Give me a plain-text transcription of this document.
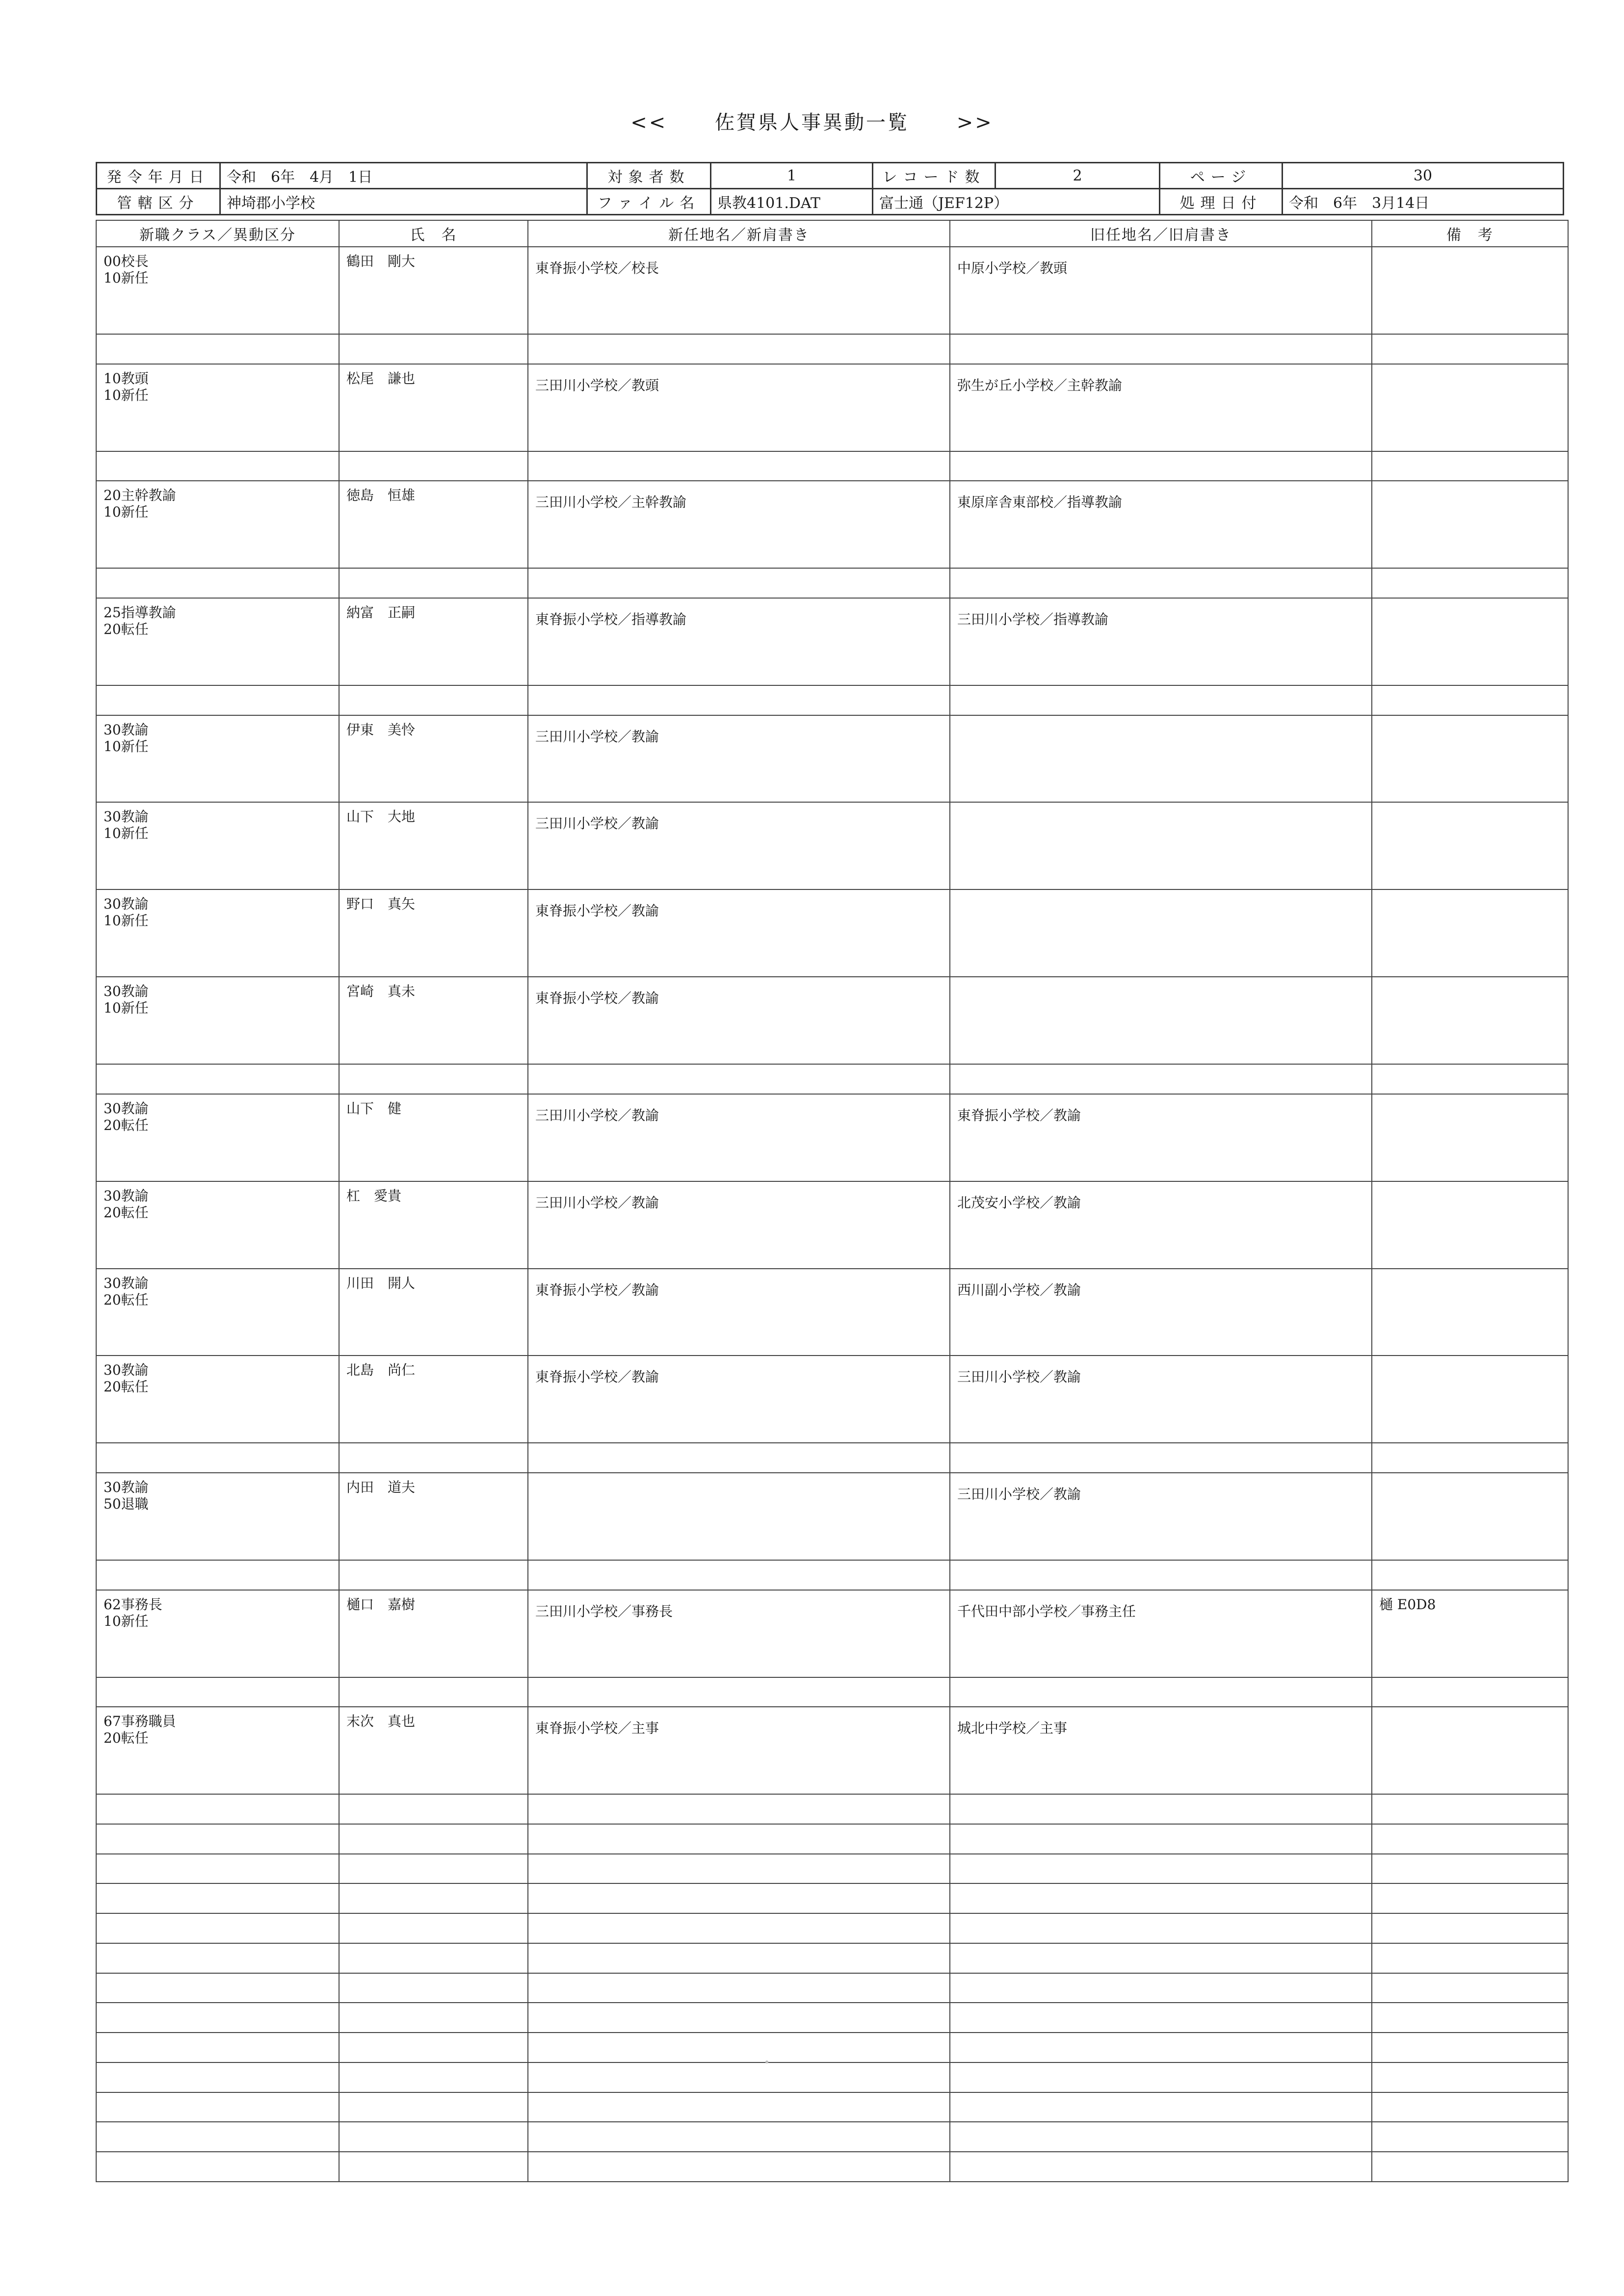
<< 佐賀県人事異動一覧 >>
発令年月日	令和　6年　4月　1日	対象者数	1	レコード数	2	ページ	30
管轄区分	神埼郡小学校	ファイル名	県教4101.DAT	富士通（JEF12P）		処理日付	令和　6年　3月14日
新職クラス／異動区分	氏　名	新任地名／新肩書き	旧任地名／旧肩書き	備　考

00校長
10新任	鶴田　剛大	東脊振小学校／校長	中原小学校／教頭	

10教頭
10新任	松尾　謙也	三田川小学校／教頭	弥生が丘小学校／主幹教諭	

20主幹教諭
10新任	徳島　恒雄	三田川小学校／主幹教諭	東原庠舎東部校／指導教諭	

25指導教諭
20転任	納富　正嗣	東脊振小学校／指導教諭	三田川小学校／指導教諭	

30教諭
10新任	伊東　美怜	三田川小学校／教諭		

30教諭
10新任	山下　大地	三田川小学校／教諭		

30教諭
10新任	野口　真矢	東脊振小学校／教諭		

30教諭
10新任	宮崎　真未	東脊振小学校／教諭		

30教諭
20転任	山下　健	三田川小学校／教諭	東脊振小学校／教諭	

30教諭
20転任	杠　愛貴	三田川小学校／教諭	北茂安小学校／教諭	

30教諭
20転任	川田　開人	東脊振小学校／教諭	西川副小学校／教諭	

30教諭
20転任	北島　尚仁	東脊振小学校／教諭	三田川小学校／教諭	

30教諭
50退職	内田　道夫		三田川小学校／教諭	

62事務長
10新任	樋口　嘉樹	三田川小学校／事務長	千代田中部小学校／事務主任	樋 E0D8

67事務職員
20転任	末次　真也	東脊振小学校／主事	城北中学校／主事	
